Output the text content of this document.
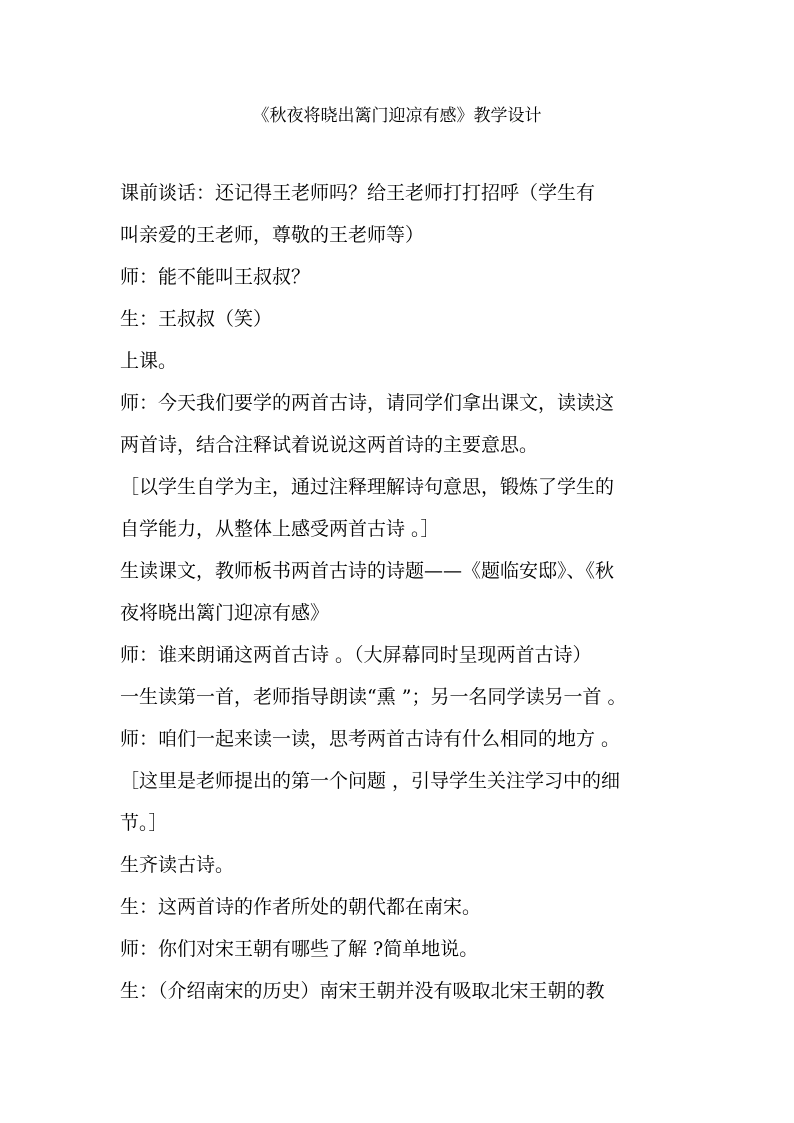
《秋夜将晓出篱门迎凉有感》教学设计
课前谈话：还记得王老师吗？给王老师打打招呼（学生有
叫亲爱的王老师，尊敬的王老师等）
师：能不能叫王叔叔？
生：王叔叔（笑）
上课。
师：今天我们要学的两首古诗，请同学们拿出课文，读读这
两首诗，结合注释试着说说这两首诗的主要意思。
［以学生自学为主，通过注释理解诗句意思，锻炼了学生的
自学能力，从整体上感受两首古诗 。］
生读课文，教师板书两首古诗的诗题——《题临安邸》、《秋
夜将晓出篱门迎凉有感》
师：谁来朗诵这两首古诗 。（大屏幕同时呈现两首古诗）
一生读第一首，老师指导朗读“熏 ”；另一名同学读另一首 。
师：咱们一起来读一读，思考两首古诗有什么相同的地方 。
［这里是老师提出的第一个问题 ，引导学生关注学习中的细
节。］
生齐读古诗。
生：这两首诗的作者所处的朝代都在南宋。
师：你们对宋王朝有哪些了解 ?简单地说。
生：（介绍南宋的历史）南宋王朝并没有吸取北宋王朝的教
